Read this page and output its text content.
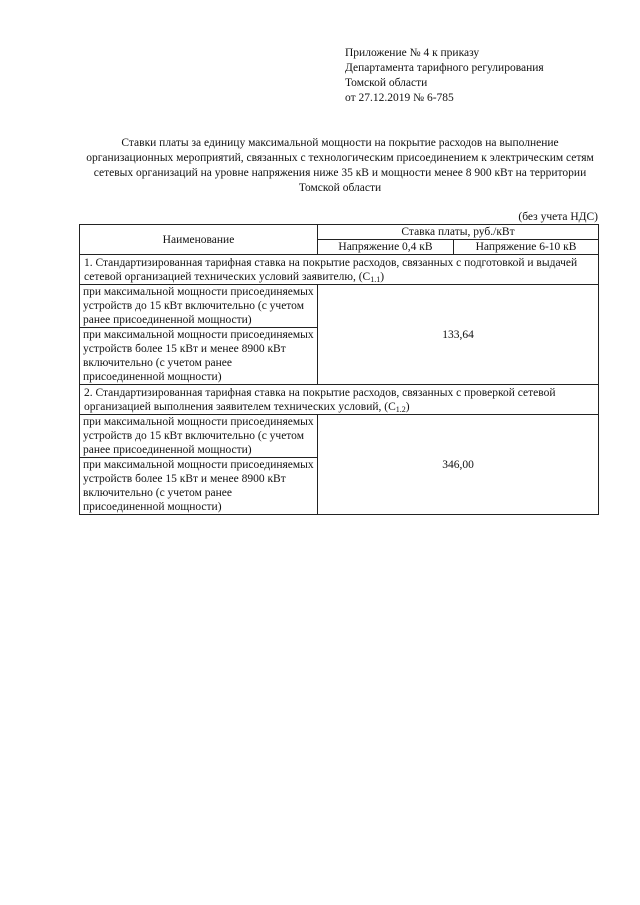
Приложение № 4 к приказу
Департамента тарифного регулирования
Томской области
от 27.12.2019 № 6-785
Ставки платы за единицу максимальной мощности на покрытие расходов на выполнение организационных мероприятий, связанных с технологическим присоединением к электрическим сетям сетевых организаций на уровне напряжения ниже 35 кВ и мощности менее 8 900 кВт на территории Томской области
(без учета НДС)
Наименование	Ставка платы, руб./кВт	
	Напряжение 0,4 кВ	Напряжение 6-10 кВ
1. Стандартизированная тарифная ставка на покрытие расходов, связанных с подготовкой и выдачей сетевой организацией технических условий заявителю, $(С_{1.1})$		
при максимальной мощности присоединяемых устройств до 15 кВт включительно (с учетом ранее присоединенной мощности)	133,64	
при максимальной мощности присоединяемых устройств более 15 кВт и менее 8900 кВт включительно (с учетом ранее присоединенной мощности)		
2. Стандартизированная тарифная ставка на покрытие расходов, связанных с проверкой сетевой организацией выполнения заявителем технических условий, $(С_{1.2})$		
при максимальной мощности присоединяемых устройств до 15 кВт включительно (с учетом ранее присоединенной мощности)	346,00	
при максимальной мощности присоединяемых устройств более 15 кВт и менее 8900 кВт включительно (с учетом ранее присоединенной мощности)		
